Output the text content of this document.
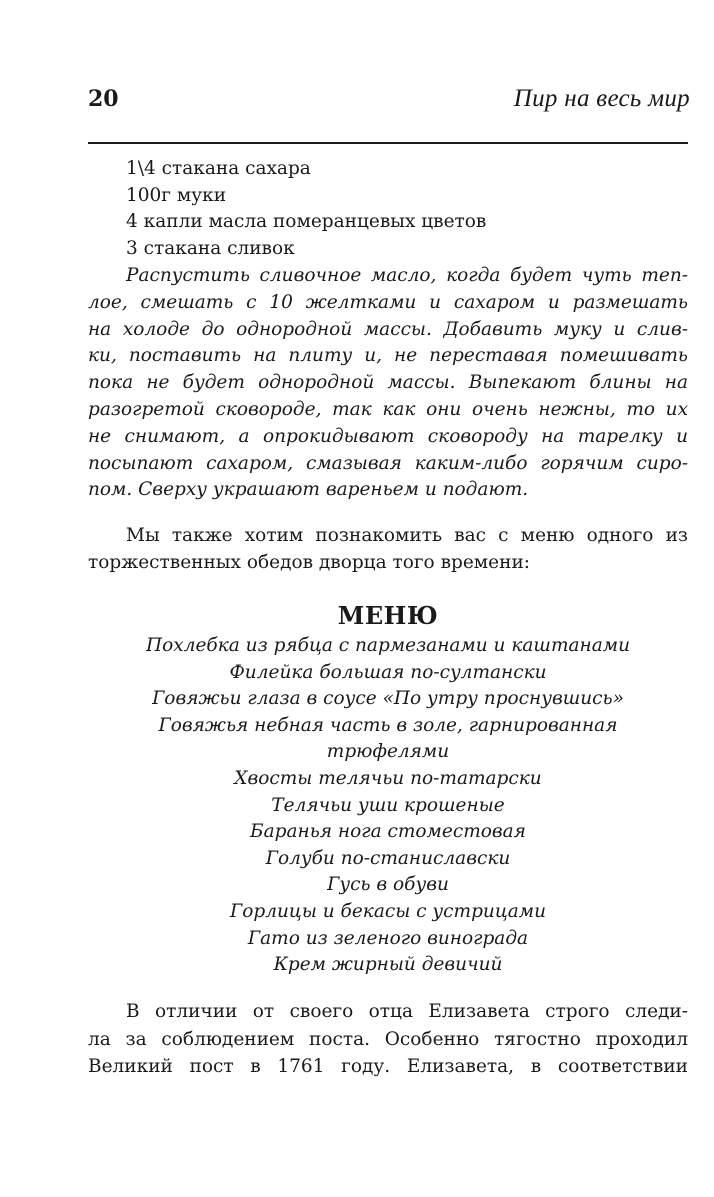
20	Пир на весь мир
1\4 стакана сахара
100г муки
4 капли масла померанцевых цветов
3 стакана сливок
Распустить сливочное масло, когда будет чуть теп-
лое, смешать с 10 желтками и сахаром и размешать
на холоде до однородной массы. Добавить муку и слив-
ки, поставить на плиту и, не переставая помешивать
пока не будет однородной массы. Выпекают блины на
разогретой сковороде, так как они очень нежны, то их
не снимают, а опрокидывают сковороду на тарелку и
посыпают сахаром, смазывая каким-либо горячим сиро-
пом. Сверху украшают вареньем и подают.
Мы также хотим познакомить вас с меню одного из
торжественных обедов дворца того времени:
МЕНЮ
Похлебка из рябца с пармезанами и каштанами
Филейка большая по-султански
Говяжьи глаза в соусе «По утру проснувшись»
Говяжья небная часть в золе, гарнированная
трюфелями
Хвосты телячьи по-татарски
Телячьи уши крошеные
Баранья нога стоместовая
Голуби по-станиславски
Гусь в обуви
Горлицы и бекасы с устрицами
Гато из зеленого винограда
Крем жирный девичий
В отличии от своего отца Елизавета строго следи-
ла за соблюдением поста. Особенно тягостно проходил
Великий пост в 1761 году. Елизавета, в соответствии
